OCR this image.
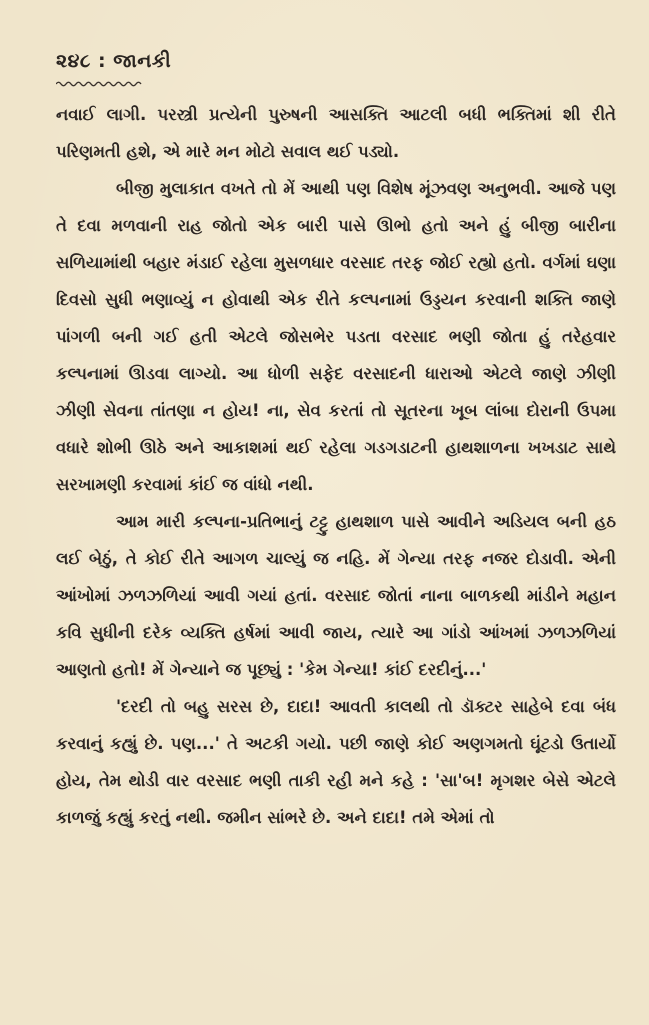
૨૪૮ : જાનકી

નવાઈ લાગી. પરસ્ત્રી પ્રત્યેની પુરુષની આસક્તિ આટલી બધી ભક્તિમાં શી રીતે પરિણમતી હશે, એ મારે મન મોટો સવાલ થઈ પડ્યો.

બીજી મુલાકાત વખતે તો મેં આથી પણ વિશેષ મૂંઝવણ અનુભવી. આજે પણ તે દવા મળવાની રાહ જોતો એક બારી પાસે ઊભો હતો અને હું બીજી બારીના સળિયામાંથી બહાર મંડાઈ રહેલા મુસળધાર વરસાદ તરફ જોઈ રહ્યો હતો. વર્ગમાં ઘણા દિવસો સુધી ભણાવ્યું ન હોવાથી એક રીતે કલ્પનામાં ઉડ્ડયન કરવાની શક્તિ જાણે પાંગળી બની ગઈ હતી એટલે જોસભેર પડતા વરસાદ ભણી જોતા હું તરેહવાર કલ્પનામાં ઊડવા લાગ્યો. આ ધોળી સફેદ વરસાદની ધારાઓ એટલે જાણે ઝીણી ઝીણી સેવના તાંતણા ન હોય! ના, સેવ કરતાં તો સૂતરના ખૂબ લાંબા દોરાની ઉપમા વધારે શોભી ઊઠે અને આકાશમાં થઈ રહેલા ગડગડાટની હાથશાળના ખખડાટ સાથે સરખામણી કરવામાં કાંઈ જ વાંધો નથી.

આમ મારી કલ્પના-પ્રતિભાનું ટટ્ટુ હાથશાળ પાસે આવીને અડિયલ બની હઠ લઈ બેઠું, તે કોઈ રીતે આગળ ચાલ્યું જ નહિ. મેં ગેન્યા તરફ નજર દોડાવી. એની આંખોમાં ઝળઝળિયાં આવી ગયાં હતાં. વરસાદ જોતાં નાના બાળકથી માંડીને મહાન કવિ સુધીની દરેક વ્યક્તિ હર્ષમાં આવી જાય, ત્યારે આ ગાંડો આંખમાં ઝળઝળિયાં આણતો હતો! મેં ગેન્યાને જ પૂછ્યું : 'કેમ ગેન્યા! કાંઈ દરદીનું...'

'દરદી તો બહુ સરસ છે, દાદા! આવતી કાલથી તો ડૉક્ટર સાહેબે દવા બંધ કરવાનું કહ્યું છે. પણ...' તે અટકી ગયો. પછી જાણે કોઈ અણગમતો ઘૂંટડો ઉતાર્યો હોય, તેમ થોડી વાર વરસાદ ભણી તાકી રહી મને કહે : 'સા'બ! મૃગશર બેસે એટલે કાળજું કહ્યું કરતું નથી. જમીન સાંભરે છે. અને દાદા! તમે એમાં તો
